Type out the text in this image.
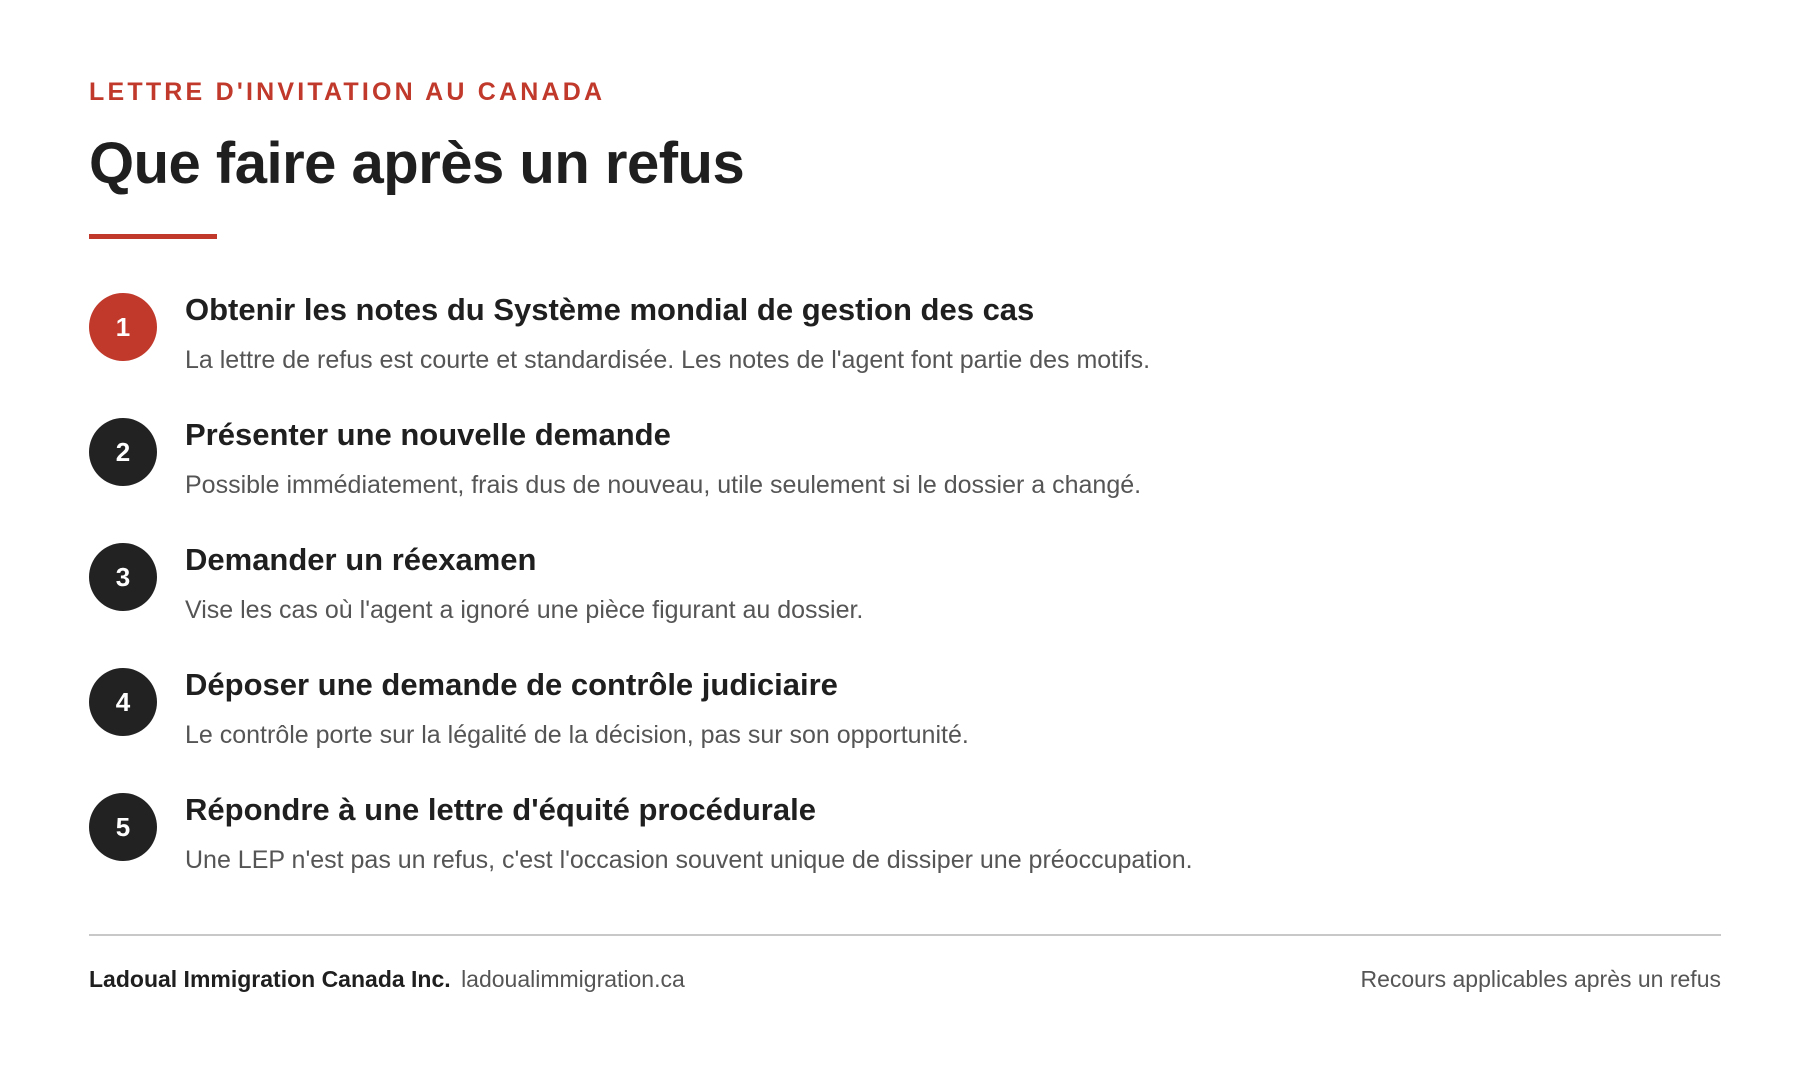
LETTRE D'INVITATION AU CANADA
Que faire après un refus
1	Obtenir les notes du Système mondial de gestion des cas
La lettre de refus est courte et standardisée. Les notes de l'agent font partie des motifs.
2	Présenter une nouvelle demande
Possible immédiatement, frais dus de nouveau, utile seulement si le dossier a changé.
3	Demander un réexamen
Vise les cas où l'agent a ignoré une pièce figurant au dossier.
4	Déposer une demande de contrôle judiciaire
Le contrôle porte sur la légalité de la décision, pas sur son opportunité.
5	Répondre à une lettre d'équité procédurale
Une LEP n'est pas un refus, c'est l'occasion souvent unique de dissiper une préoccupation.
Ladoual Immigration Canada Inc. ladoualimmigration.ca	Recours applicables après un refus
